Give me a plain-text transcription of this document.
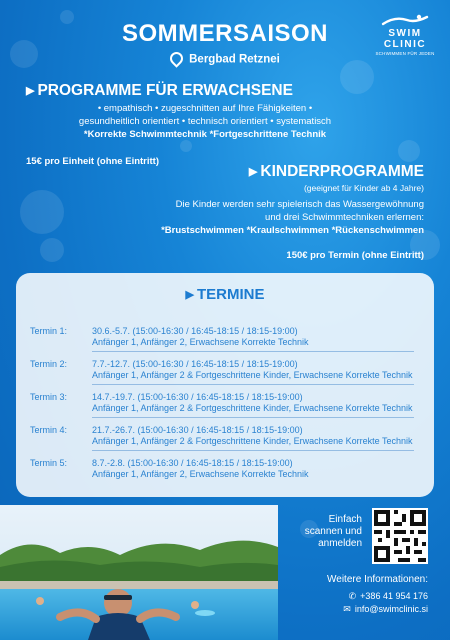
SOMMERSAISON
Bergbad Retznei
SWIM
CLINIC
SCHWIMMEN FÜR JEDEN
▶ PROGRAMME FÜR ERWACHSENE
• empathisch • zugeschnitten auf Ihre Fähigkeiten •
gesundheitlich orientiert • technisch orientiert • systematisch
*Korrekte Schwimmtechnik *Fortgeschrittene Technik
15€ pro Einheit (ohne Eintritt)
▶ KINDERPROGRAMME
(geeignet für Kinder ab 4 Jahre)
Die Kinder werden sehr spielerisch das Wassergewöhnung
und drei Schwimmtechniken erlernen:
*Brustschwimmen *Kraulschwimmen *Rückenschwimmen
150€ pro Termin (ohne Eintritt)
▶ TERMINE
Termin 1:	30.6.-5.7. (15:00-16:30 / 16:45-18:15 / 18:15-19:00)
Anfänger 1, Anfänger 2, Erwachsene Korrekte Technik
Termin 2:	7.7.-12.7. (15:00-16:30 / 16:45-18:15 / 18:15-19:00)
Anfänger 1, Anfänger 2 & Fortgeschrittene Kinder, Erwachsene Korrekte Technik
Termin 3:	14.7.-19.7. (15:00-16:30 / 16:45-18:15 / 18:15-19:00)
Anfänger 1, Anfänger 2 & Fortgeschrittene Kinder, Erwachsene Korrekte Technik
Termin 4:	21.7.-26.7. (15:00-16:30 / 16:45-18:15 / 18:15-19:00)
Anfänger 1, Anfänger 2 & Fortgeschrittene Kinder, Erwachsene Korrekte Technik
Termin 5:	8.7.-2.8. (15:00-16:30 / 16:45-18:15 / 18:15-19:00)
Anfänger 1, Anfänger 2, Erwachsene Korrekte Technik
Einfach
scannen und
anmelden
Weitere Informationen:
✆ +386 41 954 176
✉ info@swimclinic.si
